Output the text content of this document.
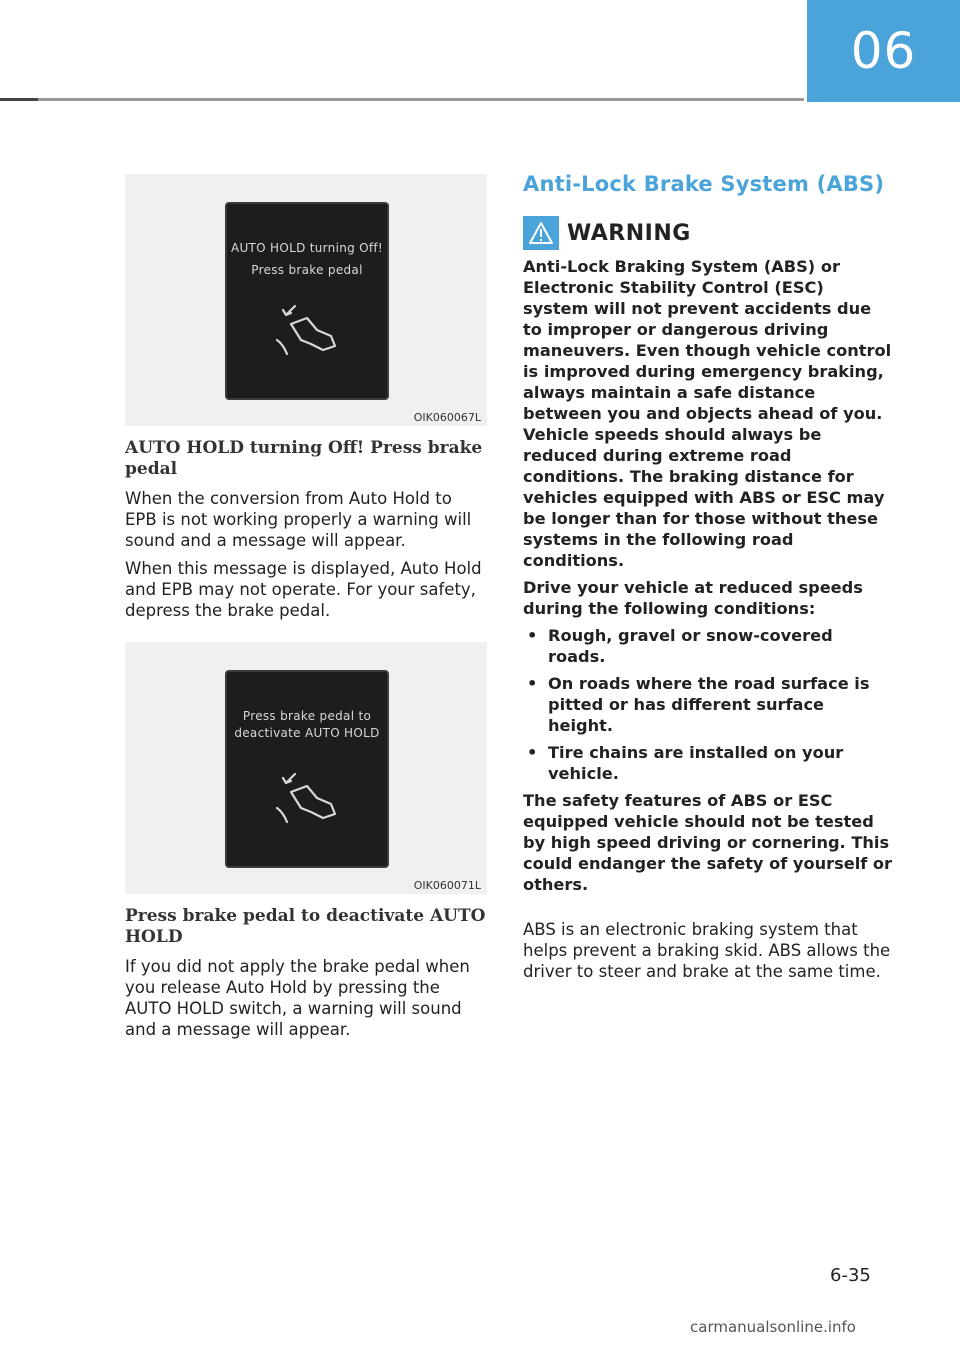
06
AUTO HOLD turning Off!
Press brake pedal
OIK060067L
AUTO HOLD turning Off! Press brake pedal

When the conversion from Auto Hold to EPB is not working properly a warning will sound and a message will appear.

When this message is displayed, Auto Hold and EPB may not operate. For your safety, depress the brake pedal.

Press brake pedal to
deactivate AUTO HOLD
OIK060071L
Press brake pedal to deactivate AUTO HOLD

If you did not apply the brake pedal when you release Auto Hold by pressing the AUTO HOLD switch, a warning will sound and a message will appear.

Anti-Lock Brake System (ABS)
WARNING

Anti-Lock Braking System (ABS) or Electronic Stability Control (ESC) system will not prevent accidents due to improper or dangerous driving maneuvers. Even though vehicle control is improved during emergency braking, always maintain a safe distance between you and objects ahead of you. Vehicle speeds should always be reduced during extreme road conditions. The braking distance for vehicles equipped with ABS or ESC may be longer than for those without these systems in the following road conditions.

Drive your vehicle at reduced speeds during the following conditions:

• Rough, gravel or snow-covered roads.
• On roads where the road surface is pitted or has different surface height.
• Tire chains are installed on your vehicle.

The safety features of ABS or ESC equipped vehicle should not be tested by high speed driving or cornering. This could endanger the safety of yourself or others.

ABS is an electronic braking system that helps prevent a braking skid. ABS allows the driver to steer and brake at the same time.

6-35
carmanualsonline.info
